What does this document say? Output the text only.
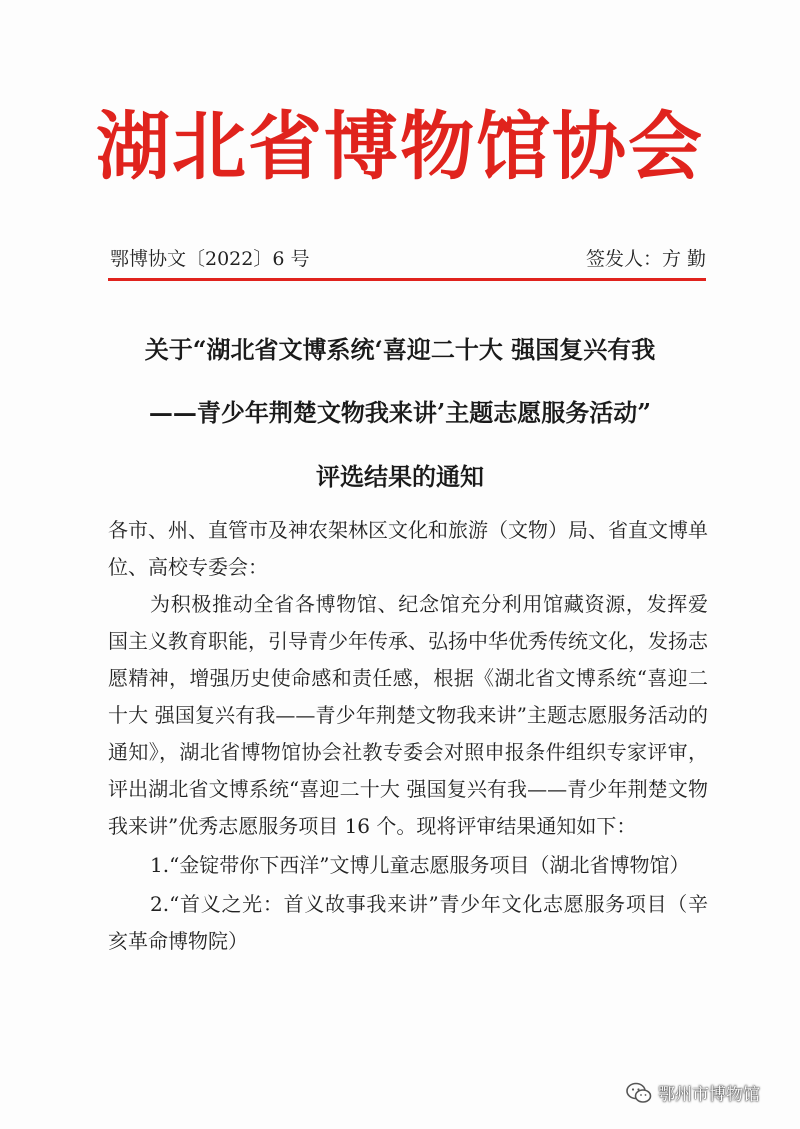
湖北省博物馆协会
鄂博协文〔2022〕6 号	签发人：方 勤
关于“湖北省文博系统‘喜迎二十大 强国复兴有我
——青少年荆楚文物我来讲’主题志愿服务活动”
评选结果的通知

各市、州、直管市及神农架林区文化和旅游（文物）局、省直文博单位、高校专委会：

为积极推动全省各博物馆、纪念馆充分利用馆藏资源，发挥爱国主义教育职能，引导青少年传承、弘扬中华优秀传统文化，发扬志愿精神，增强历史使命感和责任感，根据《湖北省文博系统“喜迎二十大 强国复兴有我——青少年荆楚文物我来讲”主题志愿服务活动的通知》，湖北省博物馆协会社教专委会对照申报条件组织专家评审，评出湖北省文博系统“喜迎二十大 强国复兴有我——青少年荆楚文物我来讲”优秀志愿服务项目 16 个。现将评审结果通知如下：

1.“金锭带你下西洋”文博儿童志愿服务项目（湖北省博物馆）

2.“首义之光：首义故事我来讲”青少年文化志愿服务项目（辛亥革命博物院）

鄂州市博物馆
